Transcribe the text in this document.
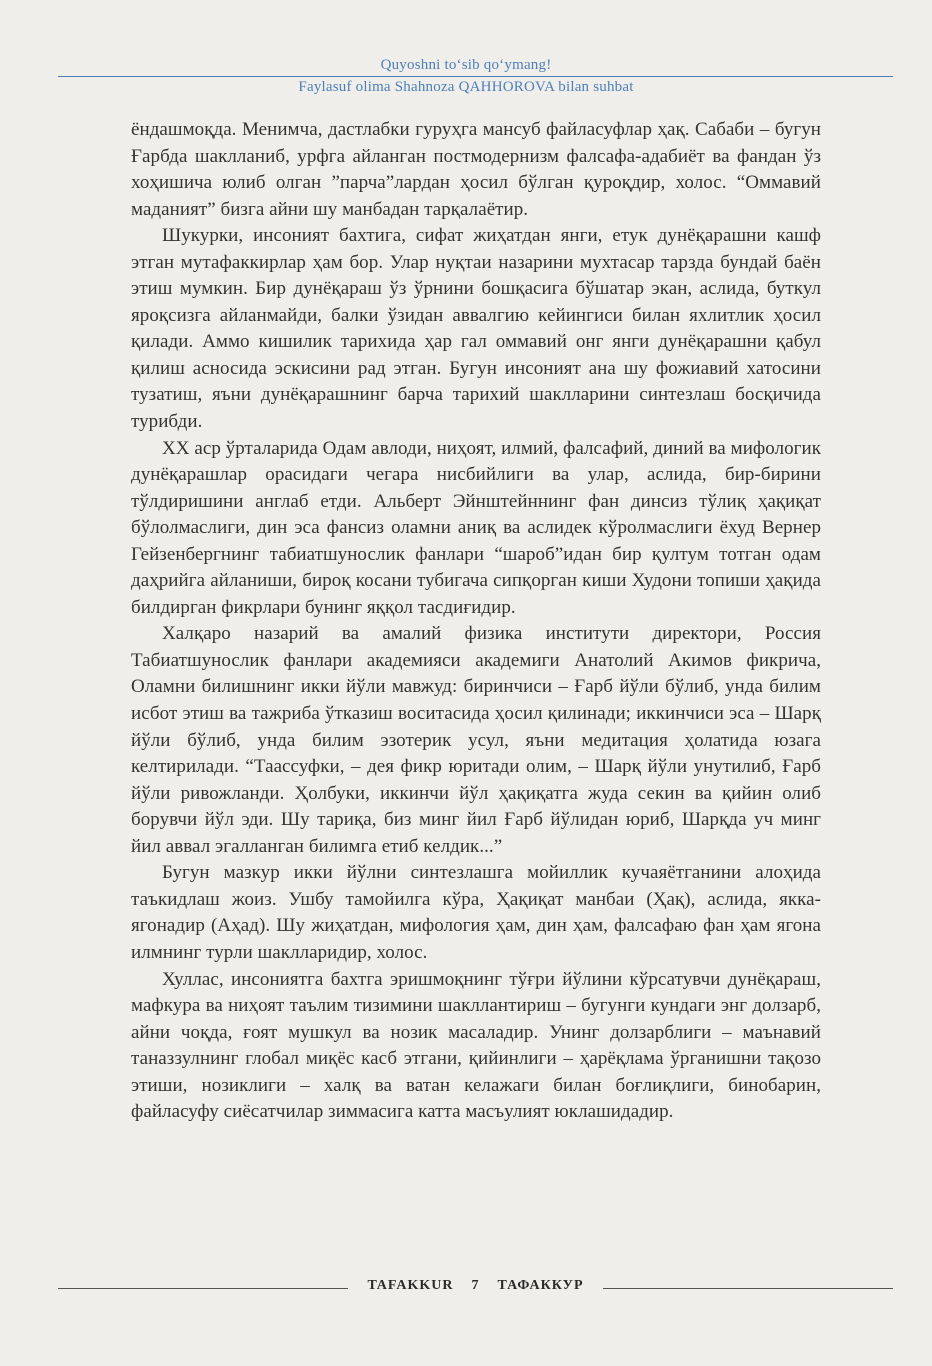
Quyoshni to‘sib qo‘ymang!
Faylasuf olima Shahnoza QAHHOROVA bilan suhbat

ёндашмоқда. Менимча, дастлабки гуруҳга мансуб файласуфлар ҳақ. Сабаби – бугун Ғарбда шаклланиб, урфга айланган постмодернизм фалсафа-адабиёт ва фандан ўз хоҳишича юлиб олган ”парча”лардан ҳосил бўлган қуроқдир, холос. “Оммавий маданият” бизга айни шу манбадан тарқалаётир.

Шукурки, инсоният бахтига, сифат жиҳатдан янги, етук дунёқарашни кашф этган мутафаккирлар ҳам бор. Улар нуқтаи назарини мухтасар тарзда бундай баён этиш мумкин. Бир дунёқараш ўз ўрнини бошқасига бўшатар экан, аслида, буткул яроқсизга айланмайди, балки ўзидан аввалгию кейингиси билан яхлитлик ҳосил қилади. Аммо кишилик тарихида ҳар гал оммавий онг янги дунёқарашни қабул қилиш асносида эскисини рад этган. Бугун инсоният ана шу фожиавий хатосини тузатиш, яъни дунёқарашнинг барча тарихий шаклларини синтезлаш босқичида турибди.

ХХ аср ўрталарида Одам авлоди, ниҳоят, илмий, фалсафий, диний ва мифологик дунёқарашлар орасидаги чегара нисбийлиги ва улар, аслида, бир-бирини тўлдиришини англаб етди. Альберт Эйнштейннинг фан динсиз тўлиқ ҳақиқат бўлолмаслиги, дин эса фансиз оламни аниқ ва аслидек кўролмаслиги ёхуд Вернер Гейзенбергнинг табиатшунослик фанлари “шароб”идан бир қултум тотган одам даҳрийга айланиши, бироқ косани тубигача сипқорган киши Худони топиши ҳақида билдирган фикрлари бунинг яққол тасдиғидир.

Халқаро назарий ва амалий физика институти директори, Россия Табиатшунослик фанлари академияси академиги Анатолий Акимов фикрича, Оламни билишнинг икки йўли мавжуд: биринчиси – Ғарб йўли бўлиб, унда билим исбот этиш ва тажриба ўтказиш воситасида ҳосил қилинади; иккинчиси эса – Шарқ йўли бўлиб, унда билим эзотерик усул, яъни медитация ҳолатида юзага келтирилади. “Таассуфки, – дея фикр юритади олим, – Шарқ йўли унутилиб, Ғарб йўли ривожланди. Ҳолбуки, иккинчи йўл ҳақиқатга жуда секин ва қийин олиб борувчи йўл эди. Шу тариқа, биз минг йил Ғарб йўлидан юриб, Шарқда уч минг йил аввал эгалланган билимга етиб келдик...”

Бугун мазкур икки йўлни синтезлашга мойиллик кучаяётганини алоҳида таъкидлаш жоиз. Ушбу тамойилга кўра, Ҳақиқат манбаи (Ҳақ), аслида, якка-ягонадир (Аҳад). Шу жиҳатдан, мифология ҳам, дин ҳам, фалсафаю фан ҳам ягона илмнинг турли шаклларидир, холос.

Хуллас, инсониятга бахтга эришмоқнинг тўғри йўлини кўрсатувчи дунёқараш, мафкура ва ниҳоят таълим тизимини шакллантириш – бугунги кундаги энг долзарб, айни чоқда, ғоят мушкул ва нозик масаладир. Унинг долзарблиги – маънавий таназзулнинг глобал миқёс касб этгани, қийинлиги – ҳарёқлама ўрганишни тақозо этиши, нозиклиги – халқ ва ватан келажаги билан боғлиқлиги, бинобарин, файласуфу сиёсатчилар зиммасига катта масъулият юклашидадир.

TAFAKKUR 7 ТАФАККУР
